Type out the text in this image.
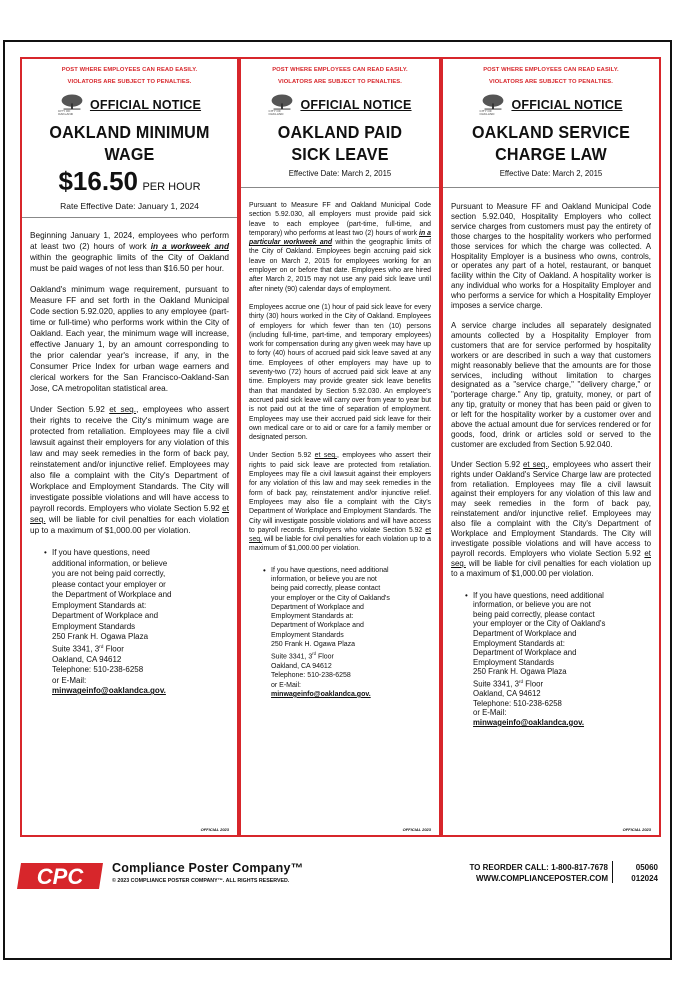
POST WHERE EMPLOYEES CAN READ EASILY.
VIOLATORS ARE SUBJECT TO PENALTIES.
CITY OF OAKLAND
OFFICIAL NOTICE
OAKLAND MINIMUM
WAGE
$16.50 PER HOUR
Rate Effective Date: January 1, 2024

Beginning January 1, 2024, employees who perform at least two (2) hours of work in a workweek and within the geographic limits of the City of Oakland must be paid wages of not less than $16.50 per hour.

Oakland's minimum wage requirement, pursuant to Measure FF and set forth in the Oakland Municipal Code section 5.92.020, applies to any employee (part-time or full-time) who performs work within the City of Oakland. Each year, the minimum wage will increase, effective January 1, by an amount corresponding to the prior calendar year's increase, if any, in the Consumer Price Index for urban wage earners and clerical workers for the San Francisco-Oakland-San Jose, CA metropolitan statistical area.

Under Section 5.92 et seq., employees who assert their rights to receive the City's minimum wage are protected from retaliation. Employees may file a civil lawsuit against their employers for any violation of this law and may seek remedies in the form of back pay, reinstatement and/or injunctive relief. Employees may also file a complaint with the City's Department of Workplace and Employment Standards. The City will investigate possible violations and will have access to payroll records. Employers who violate Section 5.92 et seq. will be liable for civil penalties for each violation up to a maximum of $1,000.00 per violation.

• If you have questions, need
additional information, or believe
you are not being paid correctly,
please contact your employer or
the Department of Workplace and
Employment Standards at:
Department of Workplace and
Employment Standards
250 Frank H. Ogawa Plaza
Suite 3341, 3rd Floor
Oakland, CA 94612
Telephone: 510-238-6258
or E-Mail:
minwageinfo@oaklandca.gov.
OFFICIAL 2023
POST WHERE EMPLOYEES CAN READ EASILY.
VIOLATORS ARE SUBJECT TO PENALTIES.
CITY OF OAKLAND
OFFICIAL NOTICE
OAKLAND PAID
SICK LEAVE
Effective Date: March 2, 2015

Pursuant to Measure FF and Oakland Municipal Code section 5.92.030, all employers must provide paid sick leave to each employee (part-time, full-time, and temporary) who performs at least two (2) hours of work in a particular workweek and within the geographic limits of the City of Oakland. Employees begin accruing paid sick leave on March 2, 2015 for employees working for an employer on or before that date. Employees who are hired after March 2, 2015 may not use any paid sick leave until after ninety (90) calendar days of employment.

Employees accrue one (1) hour of paid sick leave for every thirty (30) hours worked in the City of Oakland. Employees of employers for which fewer than ten (10) persons (including full-time, part-time, and temporary employees) work for compensation during any given week may have up to forty (40) hours of accrued paid sick leave saved at any time. Employees of other employers may have up to seventy-two (72) hours of accrued paid sick leave at any time. Employers may provide greater sick leave benefits than that mandated by Section 5.92.030. An employee's accrued paid sick leave will carry over from year to year but is not paid out at the time of separation of employment. Employees may use their accrued paid sick leave for their own medical care or to aid or care for a family member or designated person.

Under Section 5.92 et seq., employees who assert their rights to paid sick leave are protected from retaliation. Employees may file a civil lawsuit against their employers for any violation of this law and may seek remedies in the form of back pay, reinstatement and/or injunctive relief. Employees may also file a complaint with the City's Department of Workplace and Employment Standards. The City will investigate possible violations and will have access to payroll records. Employers who violate Section 5.92 et seq. will be liable for civil penalties for each violation up to a maximum of $1,000.00 per violation.

• If you have questions, need additional
information, or believe you are not
being paid correctly, please contact
your employer or the City of Oakland's
Department of Workplace and
Employment Standards at:
Department of Workplace and
Employment Standards
250 Frank H. Ogawa Plaza
Suite 3341, 3rd Floor
Oakland, CA 94612
Telephone: 510-238-6258
or E-Mail:
minwageinfo@oaklandca.gov.
OFFICIAL 2023
POST WHERE EMPLOYEES CAN READ EASILY.
VIOLATORS ARE SUBJECT TO PENALTIES.
CITY OF OAKLAND
OFFICIAL NOTICE
OAKLAND SERVICE
CHARGE LAW
Effective Date: March 2, 2015

Pursuant to Measure FF and Oakland Municipal Code section 5.92.040, Hospitality Employers who collect service charges from customers must pay the entirety of those charges to the hospitality workers who performed those services for which the charge was collected. A Hospitality Employer is a business who owns, controls, or operates any part of a hotel, restaurant, or banquet facility within the City of Oakland. A hospitality worker is any individual who works for a Hospitality Employer and who performs a service for which a Hospitality Employer imposes a service charge.

A service charge includes all separately designated amounts collected by a Hospitality Employer from customers that are for service performed by hospitality workers or are described in such a way that customers might reasonably believe that the amounts are for those services, including without limitation to charges designated as a "service charge," "delivery charge," or "porterage charge." Any tip, gratuity, money, or part of any tip, gratuity or money that has been paid or given to or left for the hospitality worker by a customer over and above the actual amount due for services rendered or for goods, food, drink or articles sold or served to the customer are excluded from Section 5.92.040.

Under Section 5.92 et seq., employees who assert their rights under Oakland's Service Charge law are protected from retaliation. Employees may file a civil lawsuit against their employers for any violation of this law and may seek remedies in the form of back pay, reinstatement and/or injunctive relief. Employees may also file a complaint with the City's Department of Workplace and Employment Standards. The City will investigate possible violations and will have access to payroll records. Employers who violate Section 5.92 et seq. will be liable for civil penalties for each violation up to a maximum of $1,000.00 per violation.

• If you have questions, need additional
information, or believe you are not
being paid correctly, please contact
your employer or the City of Oakland's
Department of Workplace and
Employment Standards at:
Department of Workplace and
Employment Standards
250 Frank H. Ogawa Plaza
Suite 3341, 3rd Floor
Oakland, CA 94612
Telephone: 510-238-6258
or E-Mail:
minwageinfo@oaklandca.gov.
OFFICIAL 2023
CPC Compliance Poster Company™
© 2023 COMPLIANCE POSTER COMPANY™. ALL RIGHTS RESERVED.
TO REORDER CALL: 1-800-817-7678
WWW.COMPLIANCEPOSTER.COM
05060
012024
